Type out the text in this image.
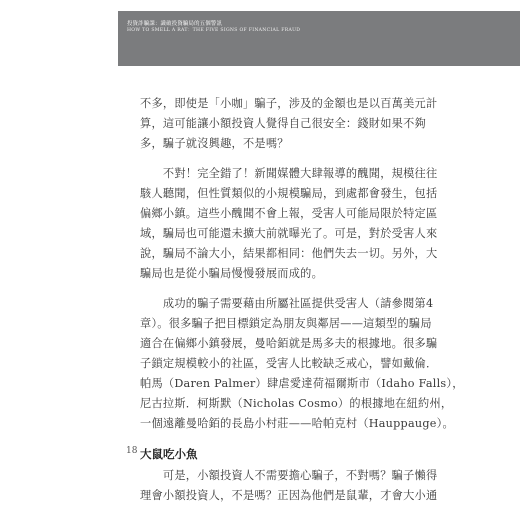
投資詐騙課：識破投資騙局的五個警訊
HOW TO SMELL A RAT：THE FIVE SIGNS OF FINANCIAL FRAUD

不多，即使是「小咖」騙子，涉及的金額也是以百萬美元計
算，這可能讓小額投資人覺得自己很安全：錢財如果不夠
多，騙子就沒興趣，不是嗎？

　　不對！完全錯了！新聞媒體大肆報導的醜聞，規模往往
駭人聽聞，但性質類似的小規模騙局，到處都會發生，包括
偏鄉小鎮。這些小醜聞不會上報，受害人可能局限於特定區
域，騙局也可能還未擴大前就曝光了。可是，對於受害人來
說，騙局不論大小，結果都相同：他們失去一切。另外，大
騙局也是從小騙局慢慢發展而成的。

　　成功的騙子需要藉由所屬社區提供受害人（請參閱第4
章）。很多騙子把目標鎖定為朋友與鄰居——這類型的騙局
適合在偏鄉小鎮發展，曼哈銆就是馬多夫的根據地。很多騙
子鎖定規模較小的社區，受害人比較缺乏戒心，譬如戴倫．
帕馬（Daren Palmer）肆虐愛達荷福爾斯市（Idaho Falls），
尼古拉斯．柯斯默（Nicholas Cosmo）的根據地在紐約州，
一個遠離曼哈銆的長島小村莊——哈帕克村（Hauppauge）。

大鼠吃小魚

　　可是，小額投資人不需要擔心騙子，不對嗎？騙子懶得
理會小額投資人，不是嗎？正因為他們是鼠輩，才會大小通

18
